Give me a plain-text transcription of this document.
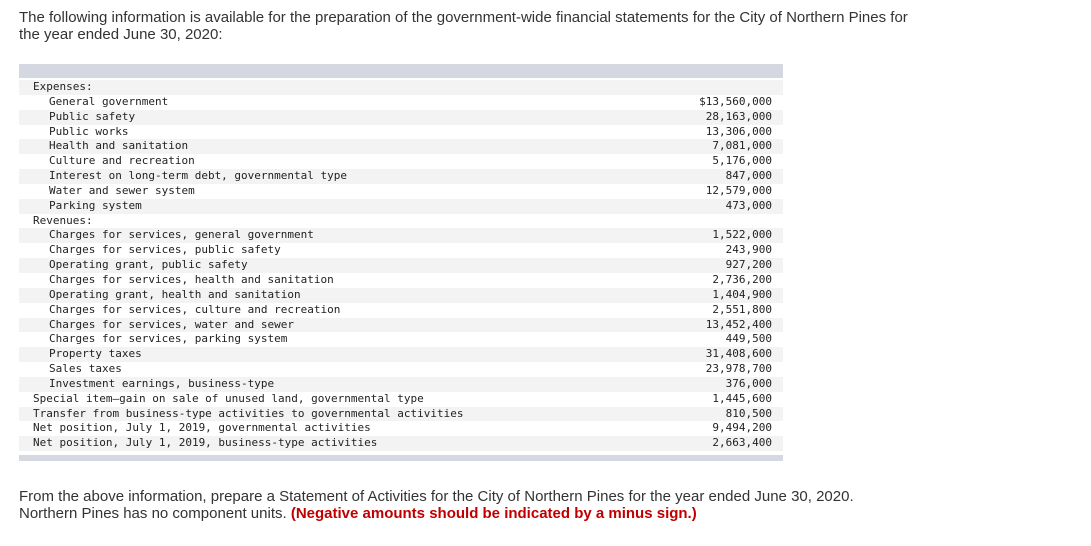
The following information is available for the preparation of the government-wide financial statements for the City of Northern Pines for
the year ended June 30, 2020:
Expenses:
General government	$13,560,000
Public safety	28,163,000
Public works	13,306,000
Health and sanitation	7,081,000
Culture and recreation	5,176,000
Interest on long-term debt, governmental type	847,000
Water and sewer system	12,579,000
Parking system	473,000
Revenues:
Charges for services, general government	1,522,000
Charges for services, public safety	243,900
Operating grant, public safety	927,200
Charges for services, health and sanitation	2,736,200
Operating grant, health and sanitation	1,404,900
Charges for services, culture and recreation	2,551,800
Charges for services, water and sewer	13,452,400
Charges for services, parking system	449,500
Property taxes	31,408,600
Sales taxes	23,978,700
Investment earnings, business-type	376,000
Special item–gain on sale of unused land, governmental type	1,445,600
Transfer from business-type activities to governmental activities	810,500
Net position, July 1, 2019, governmental activities	9,494,200
Net position, July 1, 2019, business-type activities	2,663,400
From the above information, prepare a Statement of Activities for the City of Northern Pines for the year ended June 30, 2020.
Northern Pines has no component units. (Negative amounts should be indicated by a minus sign.)
